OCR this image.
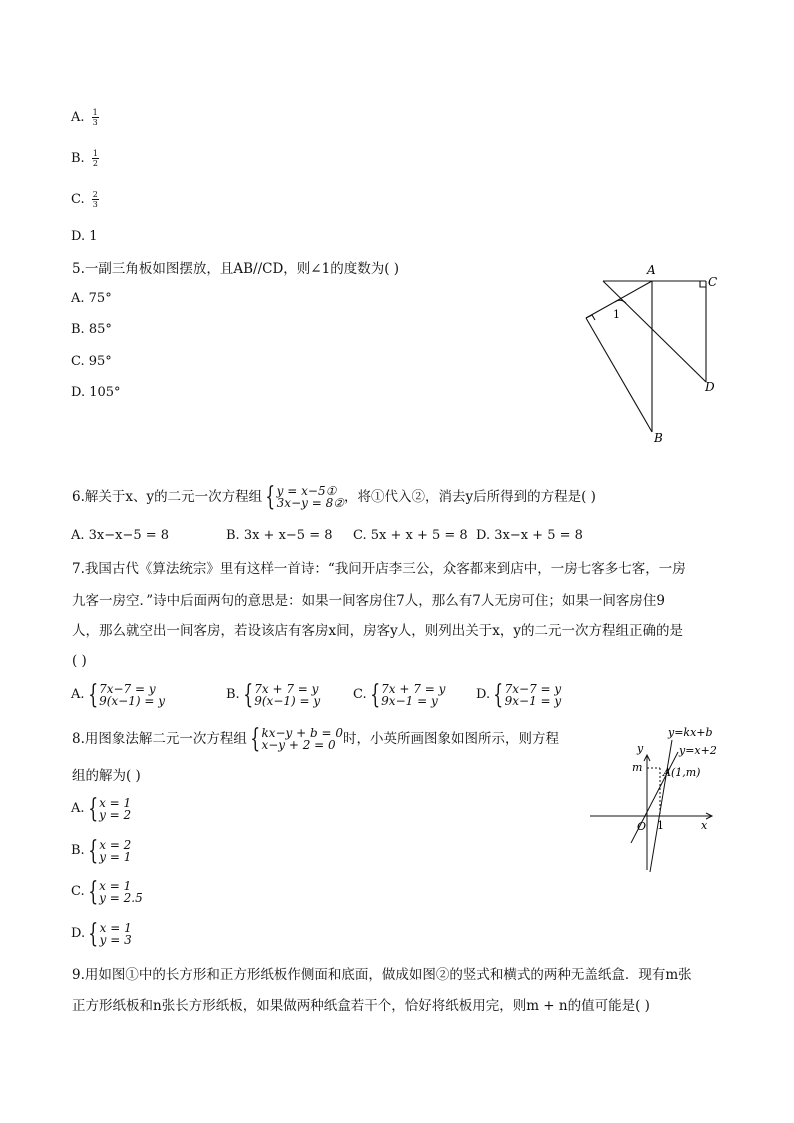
A. $\frac{1}{3}$
B. $\frac{1}{2}$
C. $\frac{2}{3}$
D. 1
5.一副三角板如图摆放，且AB//CD，则∠1的度数为( )
A. 75°
B. 85°
C. 95°
D. 105°
A
C
D
B
1
6.解关于x、y的二元一次方程组 { y = x−5①
3x−y = 8② ，将①代入②，消去y后所得到的方程是( )
A. 3x−x−5 = 8	B. 3x + x−5 = 8 C. 5x + x + 5 = 8 D. 3x−x + 5 = 8
7.我国古代《算法统宗》里有这样一首诗：“我问开店李三公，众客都来到店中，一房七客多七客，一房
九客一房空．”诗中后面两句的意思是：如果一间客房住7人，那么有7人无房可住；如果一间客房住9
人，那么就空出一间客房，若设该店有客房x间，房客y人，则列出关于x，y的二元一次方程组正确的是
( )
A. { 7x−7 = y
9(x−1) = y	B. { 7x + 7 = y
9(x−1) = y	C. { 7x + 7 = y
9x−1 = y	D. { 7x−7 = y
9x−1 = y
8.用图象法解二元一次方程组 { kx−y + b = 0
x−y + 2 = 0 时，小英所画图象如图所示，则方程
组的解为( )
A. { x = 1
y = 2
B. { x = 2
y = 1
C. { x = 1
y = 2.5
D. { x = 1
y = 3
y=kx+b
y=x+2
A(1,m)
m
y
x
O 1
9.用如图①中的长方形和正方形纸板作侧面和底面，做成如图②的竖式和横式的两种无盖纸盒．现有m张
正方形纸板和n张长方形纸板，如果做两种纸盒若干个，恰好将纸板用完，则m + n的值可能是( )
